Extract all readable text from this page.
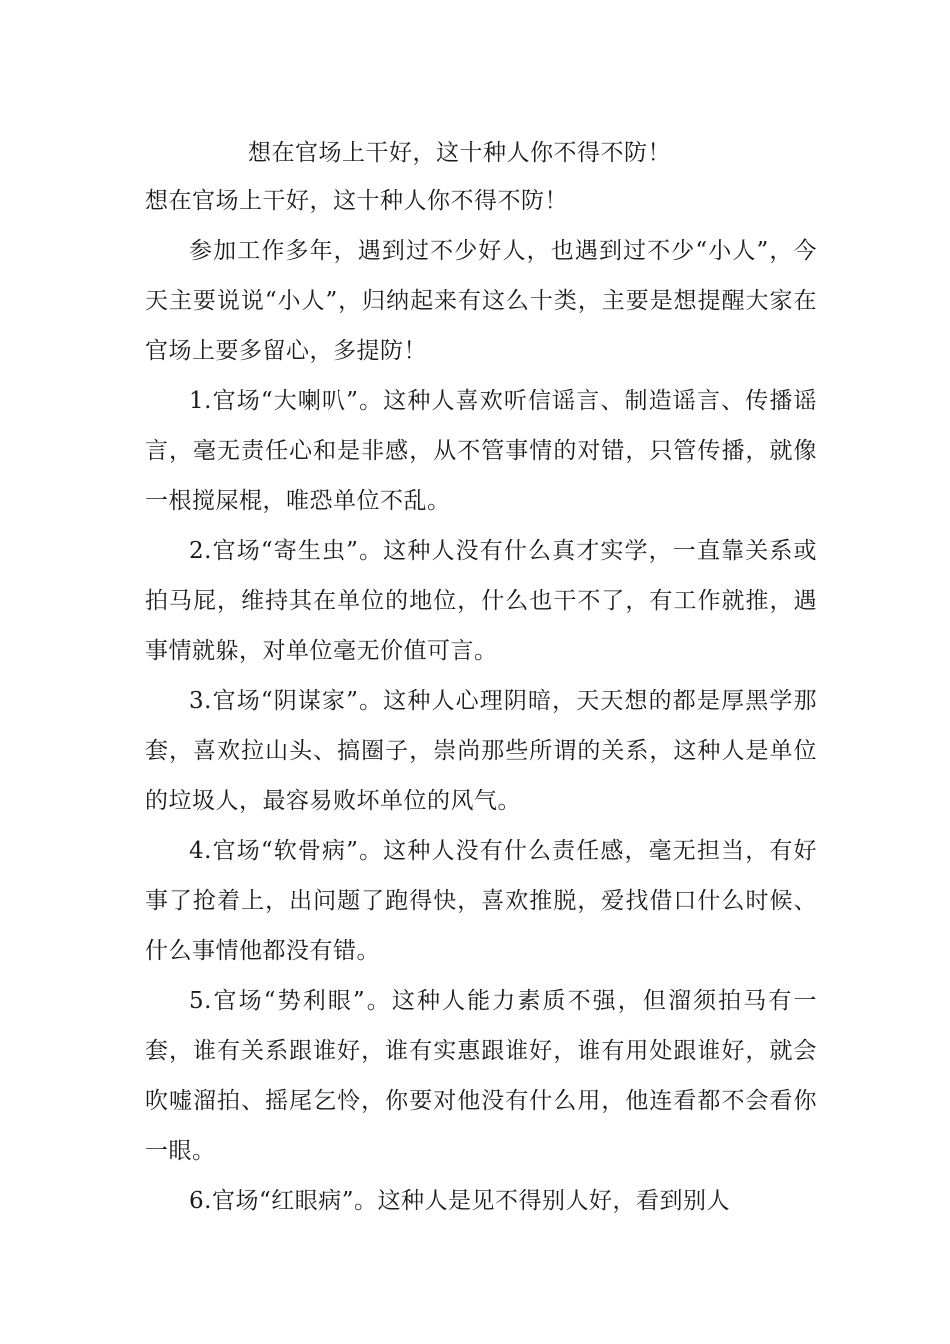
想在官场上干好，这十种人你不得不防！

想在官场上干好，这十种人你不得不防！

参加工作多年，遇到过不少好人，也遇到过不少“小人”，今天主要说说“小人”，归纳起来有这么十类，主要是想提醒大家在官场上要多留心，多提防！

1.官场“大喇叭”。这种人喜欢听信谣言、制造谣言、传播谣言，毫无责任心和是非感，从不管事情的对错，只管传播，就像一根搅屎棍，唯恐单位不乱。

2.官场“寄生虫”。这种人没有什么真才实学，一直靠关系或拍马屁，维持其在单位的地位，什么也干不了，有工作就推，遇事情就躲，对单位毫无价值可言。

3.官场“阴谋家”。这种人心理阴暗，天天想的都是厚黑学那套，喜欢拉山头、搞圈子，崇尚那些所谓的关系，这种人是单位的垃圾人，最容易败坏单位的风气。

4.官场“软骨病”。这种人没有什么责任感，毫无担当，有好事了抢着上，出问题了跑得快，喜欢推脱，爱找借口什么时候、什么事情他都没有错。

5.官场“势利眼”。这种人能力素质不强，但溜须拍马有一套，谁有关系跟谁好，谁有实惠跟谁好，谁有用处跟谁好，就会吹嘘溜拍、摇尾乞怜，你要对他没有什么用，他连看都不会看你一眼。

6.官场“红眼病”。这种人是见不得别人好，看到别人
